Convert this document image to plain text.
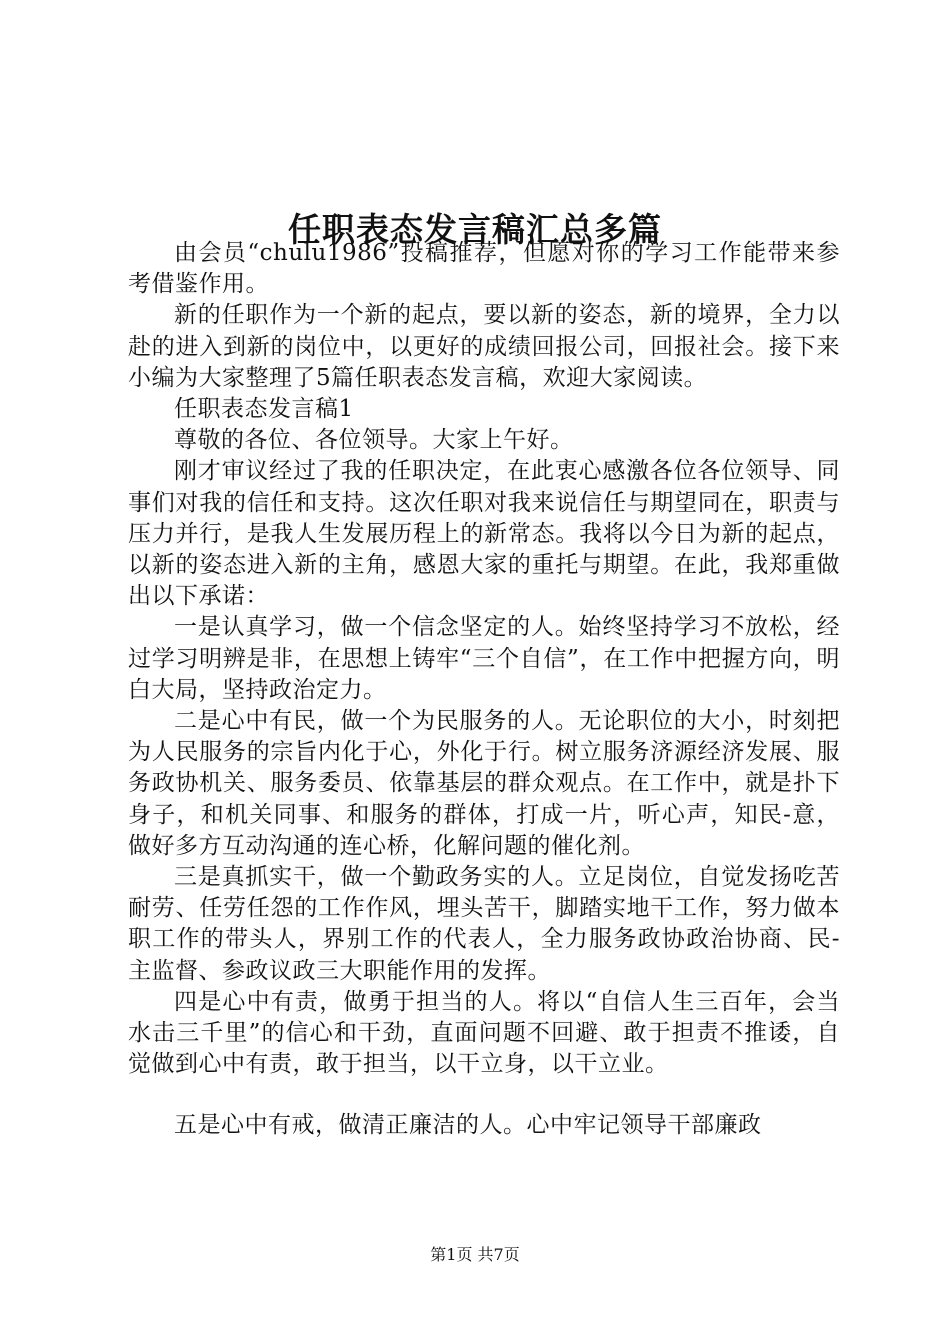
任职表态发言稿汇总多篇

由会员“chulu1986”投稿推荐，但愿对你的学习工作能带来参考借鉴作用。

新的任职作为一个新的起点，要以新的姿态，新的境界，全力以赴的进入到新的岗位中，以更好的成绩回报公司，回报社会。接下来小编为大家整理了5篇任职表态发言稿，欢迎大家阅读。

任职表态发言稿1

尊敬的各位、各位领导。大家上午好。

刚才审议经过了我的任职决定，在此衷心感激各位各位领导、同事们对我的信任和支持。这次任职对我来说信任与期望同在，职责与压力并行，是我人生发展历程上的新常态。我将以今日为新的起点，以新的姿态进入新的主角，感恩大家的重托与期望。在此，我郑重做出以下承诺：

一是认真学习，做一个信念坚定的人。始终坚持学习不放松，经过学习明辨是非，在思想上铸牢“三个自信”，在工作中把握方向，明白大局，坚持政治定力。

二是心中有民，做一个为民服务的人。无论职位的大小，时刻把为人民服务的宗旨内化于心，外化于行。树立服务济源经济发展、服务政协机关、服务委员、依靠基层的群众观点。在工作中，就是扑下身子，和机关同事、和服务的群体，打成一片，听心声，知民-意，做好多方互动沟通的连心桥，化解问题的催化剂。

三是真抓实干，做一个勤政务实的人。立足岗位，自觉发扬吃苦耐劳、任劳任怨的工作作风，埋头苦干，脚踏实地干工作，努力做本职工作的带头人，界别工作的代表人，全力服务政协政治协商、民-主监督、参政议政三大职能作用的发挥。

四是心中有责，做勇于担当的人。将以“自信人生三百年，会当水击三千里”的信心和干劲，直面问题不回避、敢于担责不推诿，自觉做到心中有责，敢于担当，以干立身，以干立业。

五是心中有戒，做清正廉洁的人。心中牢记领导干部廉政

第1页 共7页
